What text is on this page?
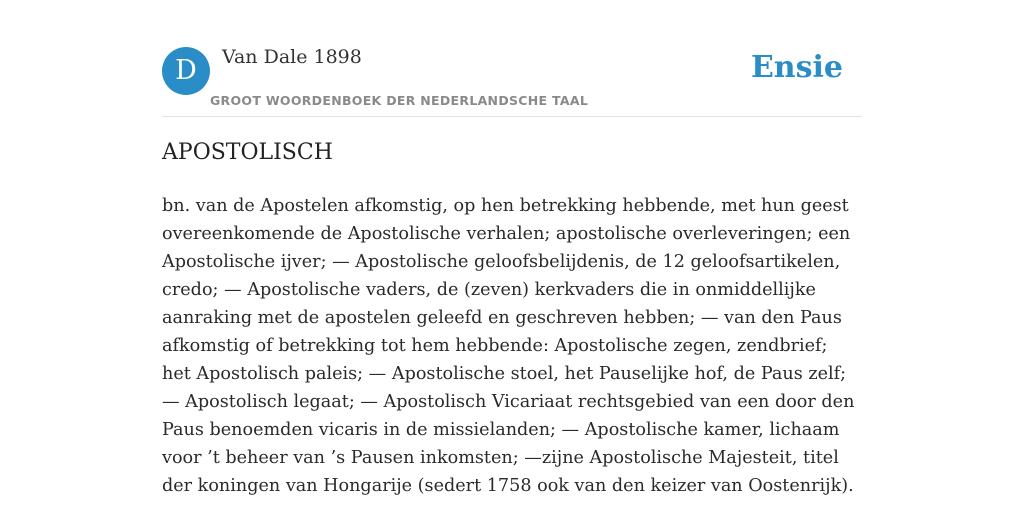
D	Van Dale 1898
GROOT WOORDENBOEK DER NEDERLANDSCHE TAAL
Ensie
APOSTOLISCH

bn. van de Apostelen afkomstig, op hen betrekking hebbende, met hun geest overeenkomende de Apostolische verhalen; apostolische overleveringen; een Apostolische ijver; — Apostolische geloofsbelijdenis, de 12 geloofsartikelen, credo; — Apostolische vaders, de (zeven) kerkvaders die in onmiddellijke aanraking met de apostelen geleefd en geschreven hebben; — van den Paus afkomstig of betrekking tot hem hebbende: Apostolische zegen, zendbrief; het Apostolisch paleis; — Apostolische stoel, het Pauselijke hof, de Paus zelf; — Apostolisch legaat; — Apostolisch Vicariaat rechtsgebied van een door den Paus benoemden vicaris in de missielanden; — Apostolische kamer, lichaam voor ’t beheer van ’s Pausen inkomsten; —zijne Apostolische Majesteit, titel der koningen van Hongarije (sedert 1758 ook van den keizer van Oostenrijk).
